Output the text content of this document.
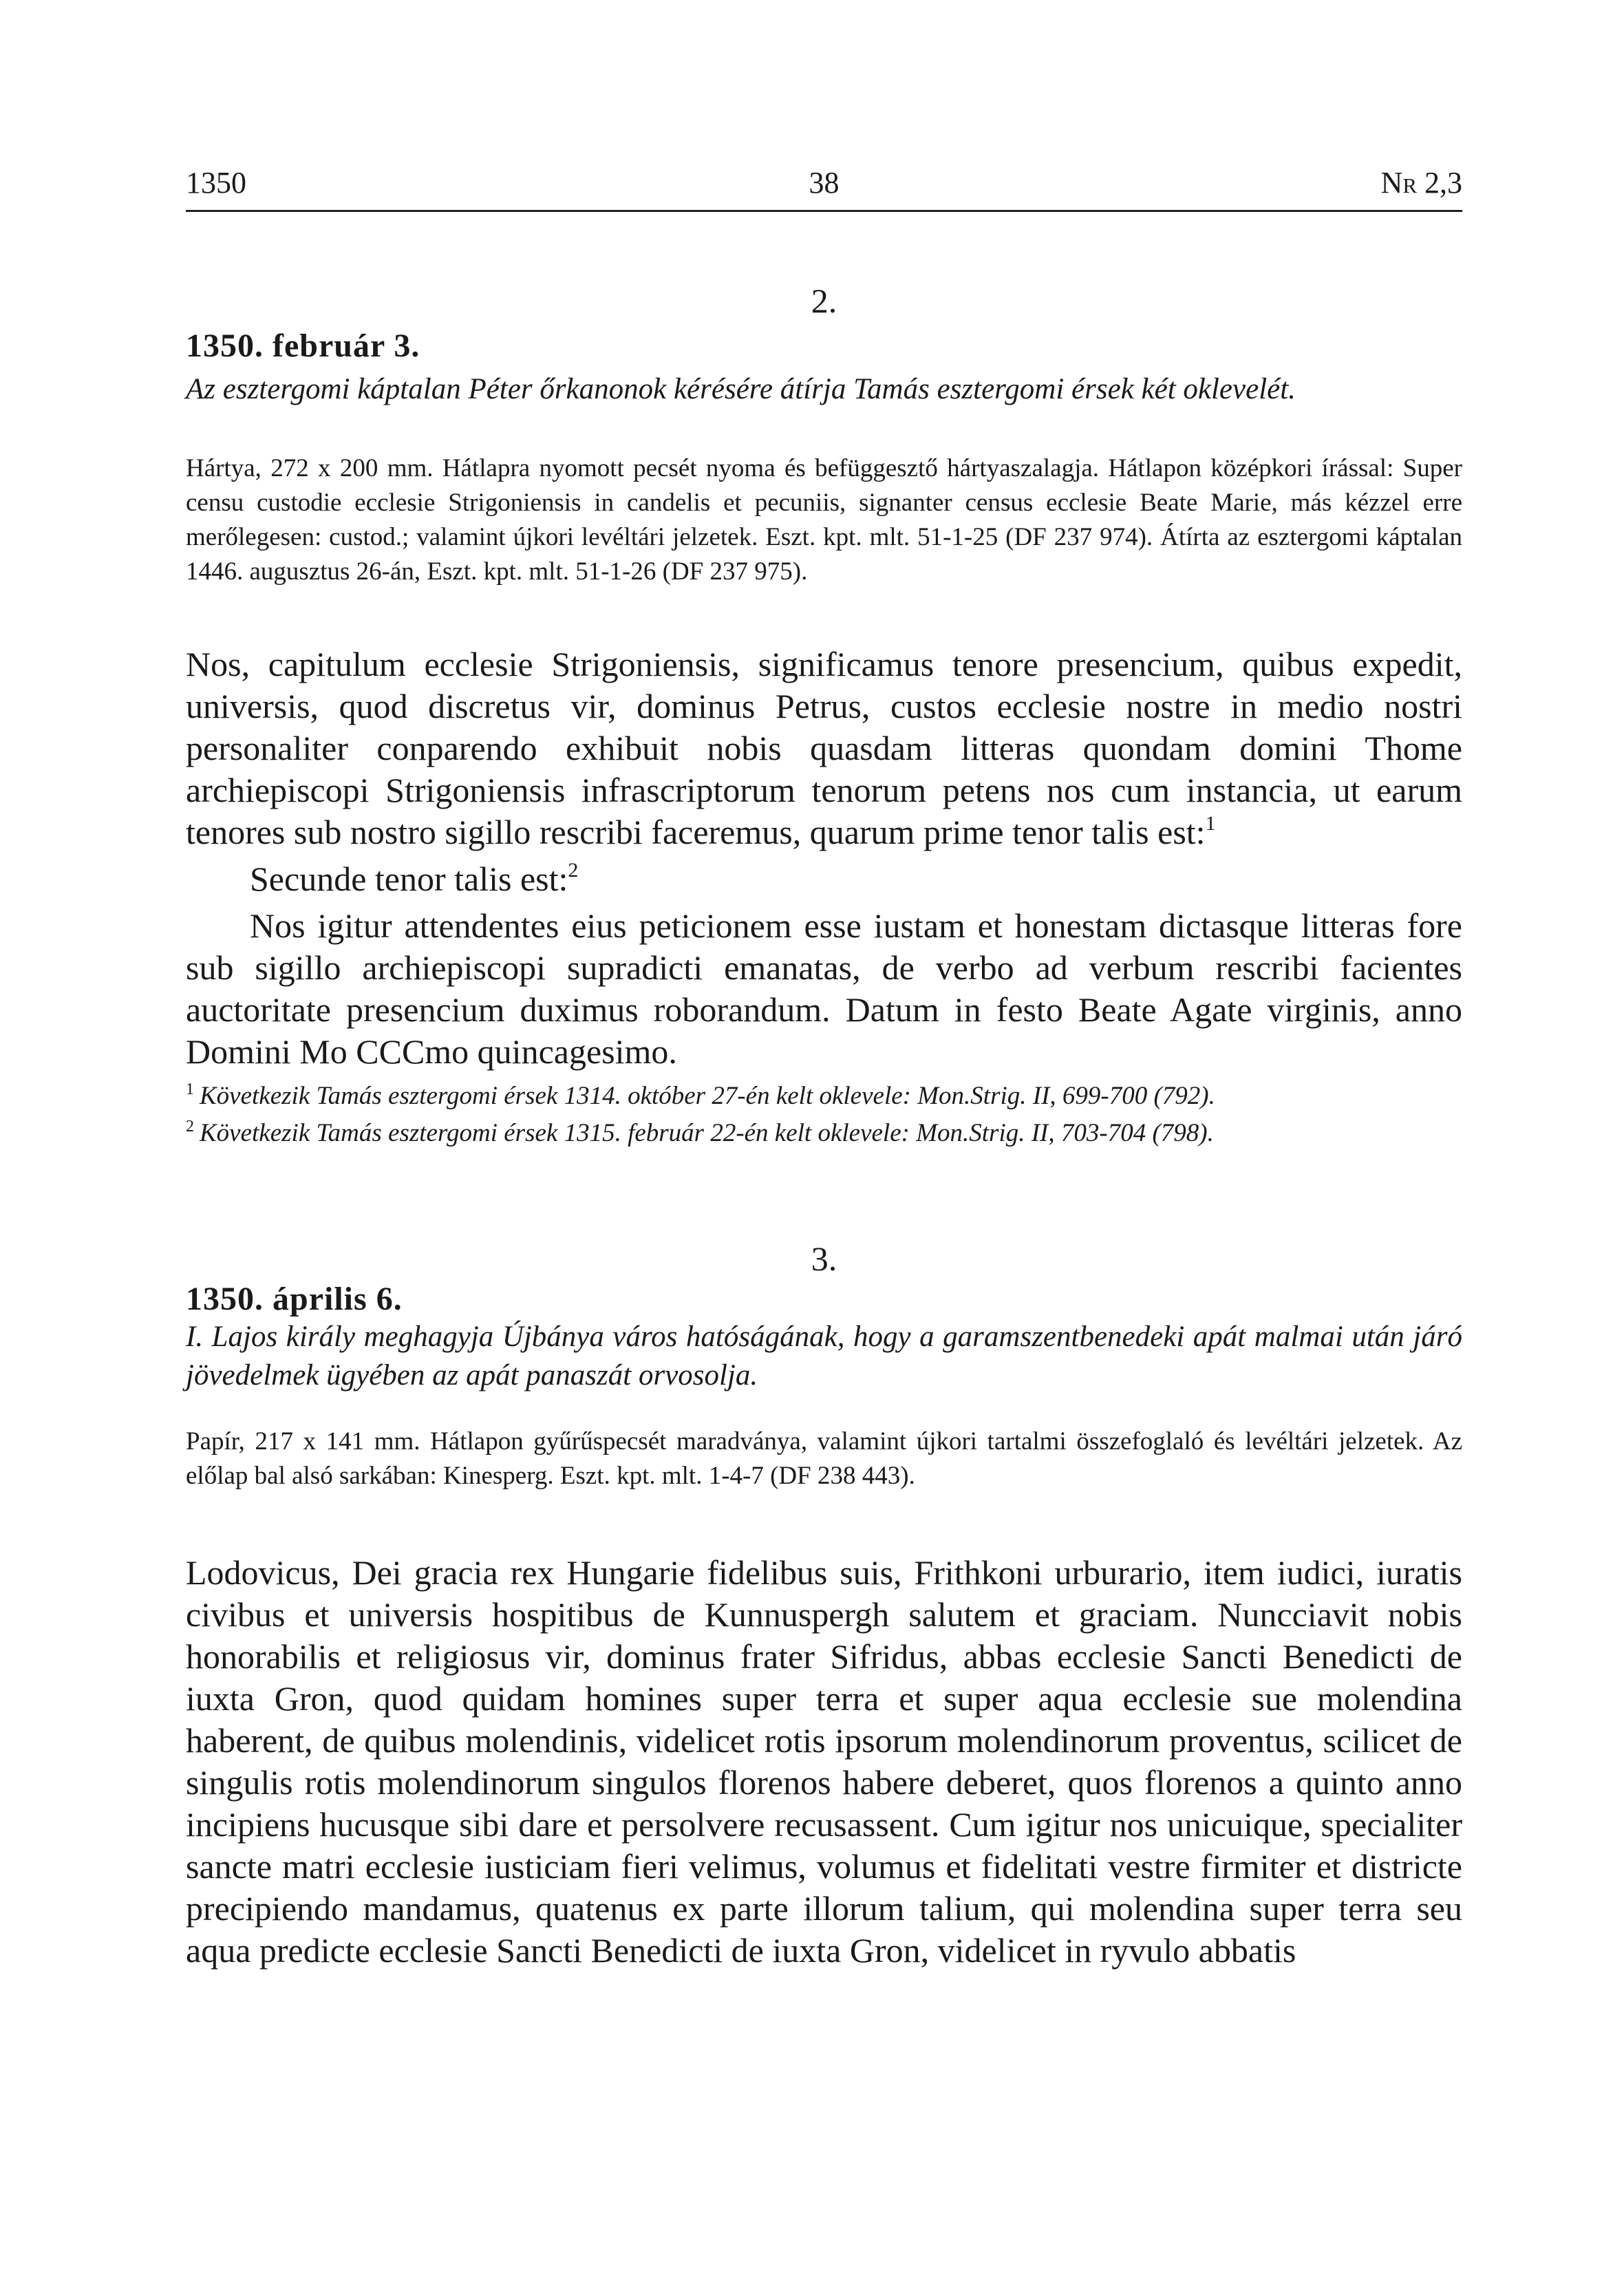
1350	38	Nr 2,3
2.
1350. február 3.
Az esztergomi káptalan Péter őrkanonok kérésére átírja Tamás esztergomi érsek két oklevelét.
Hártya, 272 x 200 mm. Hátlapra nyomott pecsét nyoma és befüggesztő hártyaszalagja. Hátlapon középkori írással: Super censu custodie ecclesie Strigoniensis in candelis et pecuniis, signanter census ecclesie Beate Marie, más kézzel erre merőlegesen: custod.; valamint újkori levéltári jelzetek. Eszt. kpt. mlt. 51-1-25 (DF 237 974). Átírta az esztergomi káptalan 1446. augusztus 26-án, Eszt. kpt. mlt. 51-1-26 (DF 237 975).

Nos, capitulum ecclesie Strigoniensis, significamus tenore presencium, quibus expedit, universis, quod discretus vir, dominus Petrus, custos ecclesie nostre in medio nostri personaliter conparendo exhibuit nobis quasdam litteras quondam domini Thome archiepiscopi Strigoniensis infrascriptorum tenorum petens nos cum instancia, ut earum tenores sub nostro sigillo rescribi faceremus, quarum prime tenor talis est:$^1$

Secunde tenor talis est:$^2$

Nos igitur attendentes eius peticionem esse iustam et honestam dictasque litteras fore sub sigillo archiepiscopi supradicti emanatas, de verbo ad verbum rescribi facientes auctoritate presencium duximus roborandum. Datum in festo Beate Agate virginis, anno Domini Mo CCCmo quincagesimo.

$^1$ Következik Tamás esztergomi érsek 1314. október 27-én kelt oklevele: Mon.Strig. II, 699-700 (792).

$^2$ Következik Tamás esztergomi érsek 1315. február 22-én kelt oklevele: Mon.Strig. II, 703-704 (798).

3.
1350. április 6.
I. Lajos király meghagyja Újbánya város hatóságának, hogy a garamszentbenedeki apát malmai után járó jövedelmek ügyében az apát panaszát orvosolja.
Papír, 217 x 141 mm. Hátlapon gyűrűspecsét maradványa, valamint újkori tartalmi összefoglaló és levéltári jelzetek. Az előlap bal alsó sarkában: Kinesperg. Eszt. kpt. mlt. 1-4-7 (DF 238 443).

Lodovicus, Dei gracia rex Hungarie fidelibus suis, Frithkoni urburario, item iudici, iuratis civibus et universis hospitibus de Kunnuspergh salutem et graciam. Nuncciavit nobis honorabilis et religiosus vir, dominus frater Sifridus, abbas ecclesie Sancti Benedicti de iuxta Gron, quod quidam homines super terra et super aqua ecclesie sue molendina haberent, de quibus molendinis, videlicet rotis ipsorum molendinorum proventus, scilicet de singulis rotis molendinorum singulos florenos habere deberet, quos florenos a quinto anno incipiens hucusque sibi dare et persolvere recusassent. Cum igitur nos unicuique, specialiter sancte matri ecclesie iusticiam fieri velimus, volumus et fidelitati vestre firmiter et districte precipiendo mandamus, quatenus ex parte illorum talium, qui molendina super terra seu aqua predicte ecclesie Sancti Benedicti de iuxta Gron, videlicet in ryvulo abbatis
